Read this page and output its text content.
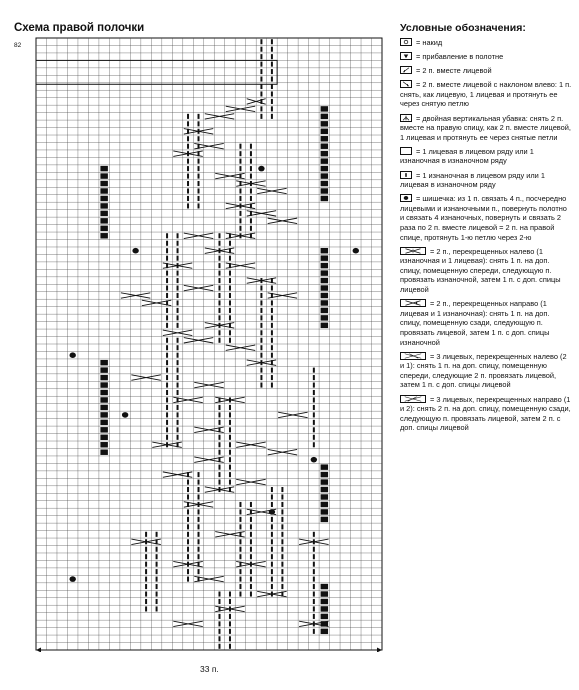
Схема правой полочки
82
33 п.
Условные обозначения:
= накид
= прибавление в полотне
= 2 п. вместе лицевой
= 2 п. вместе лицевой с наклоном влево: 1 п. снять, как лицевую, 1 лицевая и протянуть ее через снятую петлю
= двойная вертикальная убавка: снять 2 п. вместе на правую спицу, как 2 п. вместе лицевой, 1 лицевая и протянуть ее через снятые петли
= 1 лицевая в лицевом ряду или 1 изнаночная в изнаночном ряду
= 1 изнаночная в лицевом ряду или 1 лицевая в изнаночном ряду
= шишечка: из 1 п. связать 4 п., посчередно лицевыми и изнаночными п., повернуть полотно и связать 4 изнаночных, повернуть и связать 2 раза по 2 п. вместе лицевой = 2 п. на правой спице, протянуть 1-ю петлю через 2-ю
= 2 п., перекрещенных налево (1 изнаночная и 1 лицевая): снять 1 п. на доп. спицу, помещенную спереди, следующую п. провязать изнаночной, затем 1 п. с доп. спицы лицевой
= 2 п., перекрещенных направо (1 лицевая и 1 изнаночная): снять 1 п. на доп. спицу, помещенную сзади, следующую п. провязать лицевой, затем 1 п. с доп. спицы изнаночной
= 3 лицевых, перекрещенных налево (2 и 1): снять 1 п. на доп. спицу, помещенную спереди, следующие 2 п. провязать лицевой, затем 1 п. с доп. спицы лицевой
= 3 лицевых, перекрещенных направо (1 и 2): снять 2 п. на доп. спицу, помещенную сзади, следующую п. провязать лицевой, затем 2 п. с доп. спицы лицевой
